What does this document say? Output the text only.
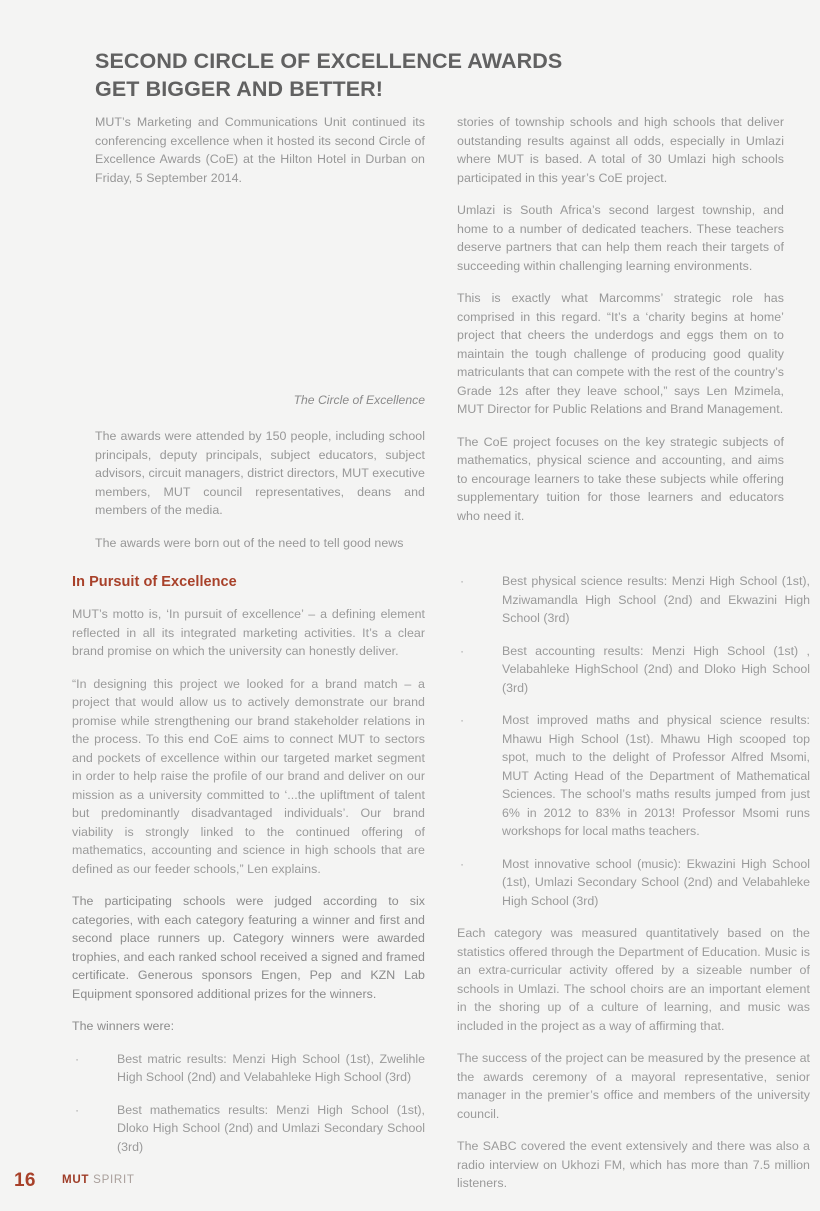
SECOND CIRCLE OF EXCELLENCE AWARDS
GET BIGGER AND BETTER!

MUT’s Marketing and Communications Unit continued its conferencing excellence when it hosted its second Circle of Excellence Awards (CoE) at the Hilton Hotel in Durban on Friday, 5 September 2014.

The Circle of Excellence

The awards were attended by 150 people, including school principals, deputy principals, subject educators, subject advisors, circuit managers, district directors, MUT executive members, MUT council representatives, deans and members of the media.

The awards were born out of the need to tell good news

stories of township schools and high schools that deliver outstanding results against all odds, especially in Umlazi where MUT is based. A total of 30 Umlazi high schools participated in this year’s CoE project.

Umlazi is South Africa’s second largest township, and home to a number of dedicated teachers. These teachers deserve partners that can help them reach their targets of succeeding within challenging learning environments.

This is exactly what Marcomms’ strategic role has comprised in this regard. “It’s a ‘charity begins at home’ project that cheers the underdogs and eggs them on to maintain the tough challenge of producing good quality matriculants that can compete with the rest of the country’s Grade 12s after they leave school,” says Len Mzimela, MUT Director for Public Relations and Brand Management.

The CoE project focuses on the key strategic subjects of mathematics, physical science and accounting, and aims to encourage learners to take these subjects while offering supplementary tuition for those learners and educators who need it.

In Pursuit of Excellence

MUT’s motto is, ‘In pursuit of excellence’ – a defining element reflected in all its integrated marketing activities. It’s a clear brand promise on which the university can honestly deliver.

“In designing this project we looked for a brand match – a project that would allow us to actively demonstrate our brand promise while strengthening our brand stakeholder relations in the process. To this end CoE aims to connect MUT to sectors and pockets of excellence within our targeted market segment in order to help raise the profile of our brand and deliver on our mission as a university committed to ‘...the upliftment of talent but predominantly disadvantaged individuals’. Our brand viability is strongly linked to the continued offering of mathematics, accounting and science in high schools that are defined as our feeder schools,” Len explains.

The participating schools were judged according to six categories, with each category featuring a winner and first and second place runners up. Category winners were awarded trophies, and each ranked school received a signed and framed certificate. Generous sponsors Engen, Pep and KZN Lab Equipment sponsored additional prizes for the winners.

The winners were:

·	Best matric results: Menzi High School (1st), Zwelihle High School (2nd) and Velabahleke High School (3rd)
·	Best mathematics results: Menzi High School (1st), Dloko High School (2nd) and Umlazi Secondary School (3rd)
·	Best physical science results: Menzi High School (1st), Mziwamandla High School (2nd) and Ekwazini High School (3rd)
·	Best accounting results: Menzi High School (1st) , Velabahleke HighSchool (2nd) and Dloko High School (3rd)
·	Most improved maths and physical science results: Mhawu High School (1st). Mhawu High scooped top spot, much to the delight of Professor Alfred Msomi, MUT Acting Head of the Department of Mathematical Sciences. The school’s maths results jumped from just 6% in 2012 to 83% in 2013! Professor Msomi runs workshops for local maths teachers.
·	Most innovative school (music): Ekwazini High School (1st), Umlazi Secondary School (2nd) and Velabahleke High School (3rd)

Each category was measured quantitatively based on the statistics offered through the Department of Education. Music is an extra-curricular activity offered by a sizeable number of schools in Umlazi. The school choirs are an important element in the shoring up of a culture of learning, and music was included in the project as a way of affirming that.

The success of the project can be measured by the presence at the awards ceremony of a mayoral representative, senior manager in the premier’s office and members of the university council.

The SABC covered the event extensively and there was also a radio interview on Ukhozi FM, which has more than 7.5 million listeners.

16 MUT SPIRIT
